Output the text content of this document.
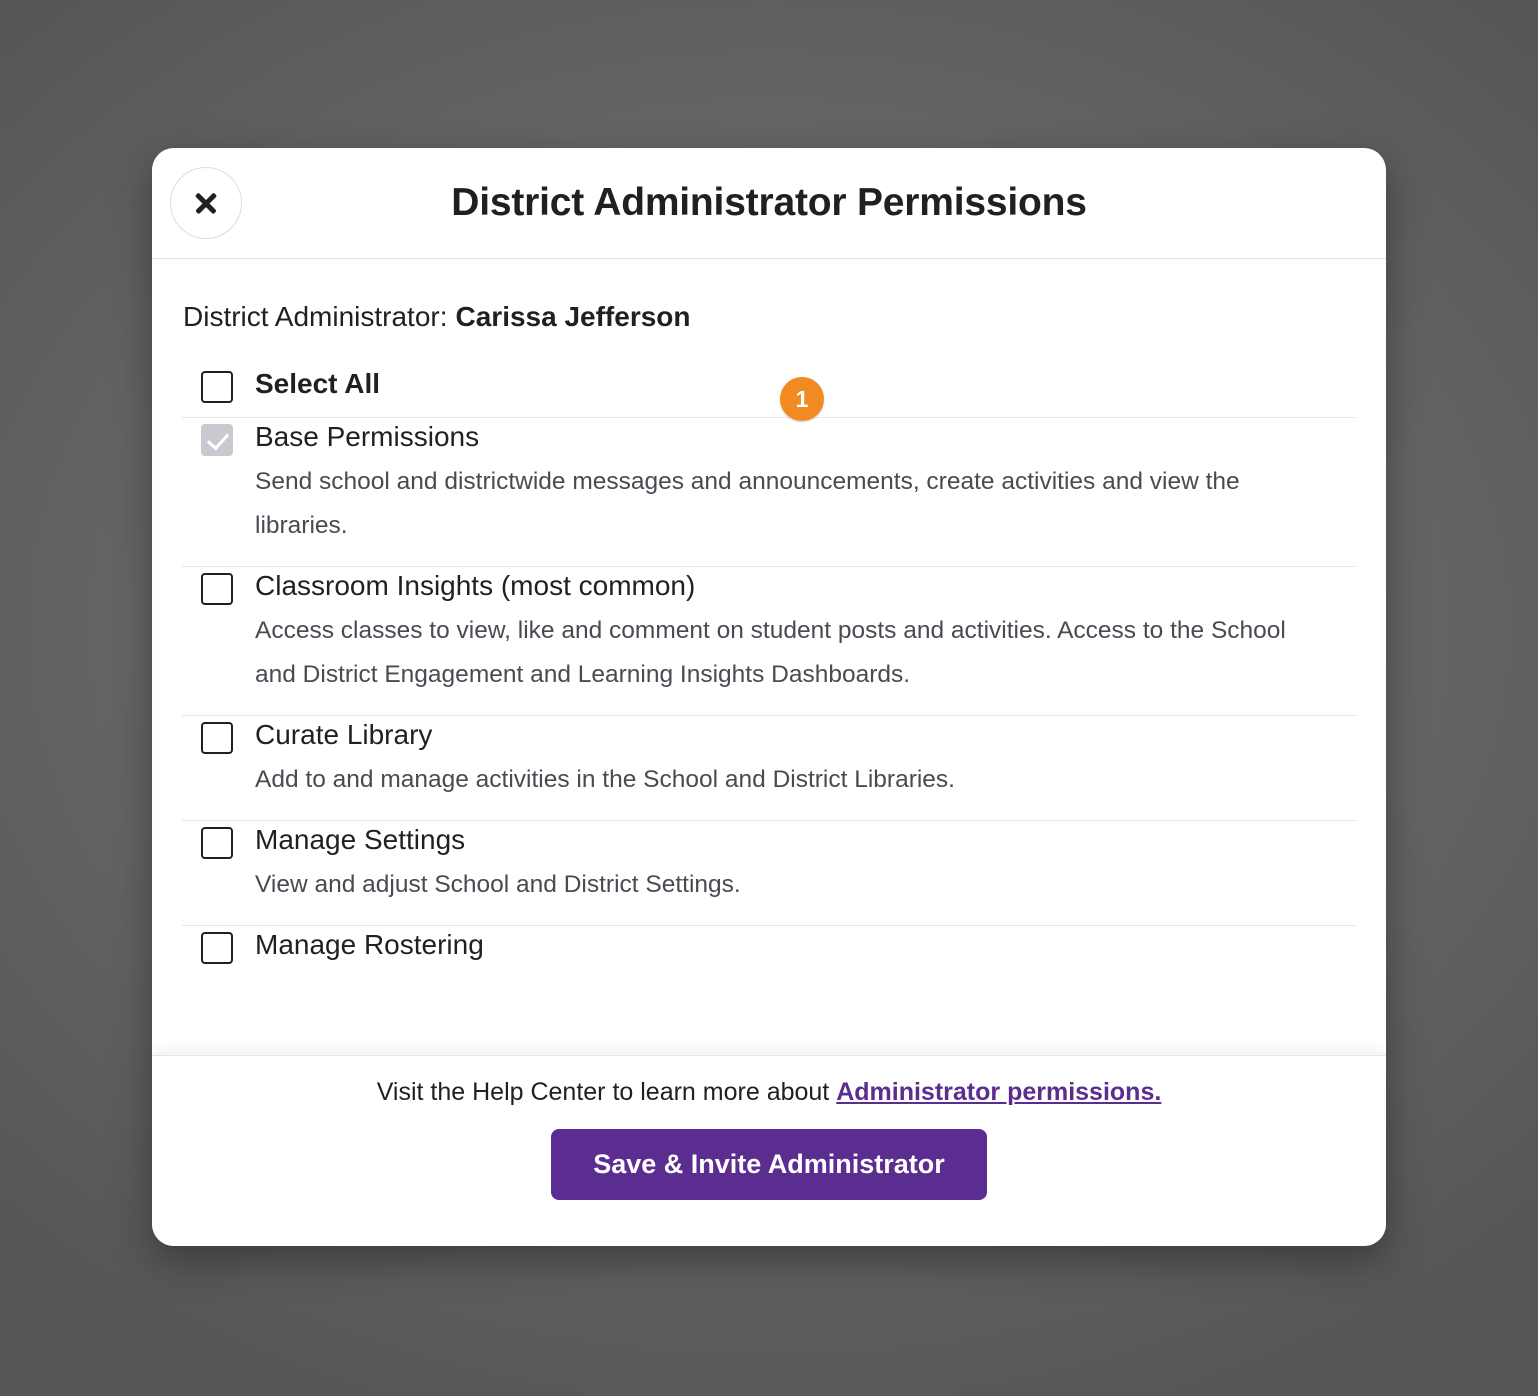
District Administrator Permissions
District Administrator: Carissa Jefferson
Select All	1
Base Permissions
Send school and districtwide messages and announcements, create activities and view the libraries.
Classroom Insights (most common)
Access classes to view, like and comment on student posts and activities. Access to the School and District Engagement and Learning Insights Dashboards.
Curate Library
Add to and manage activities in the School and District Libraries.
Manage Settings
View and adjust School and District Settings.
Manage Rostering
Visit the Help Center to learn more about Administrator permissions.
Save & Invite Administrator
